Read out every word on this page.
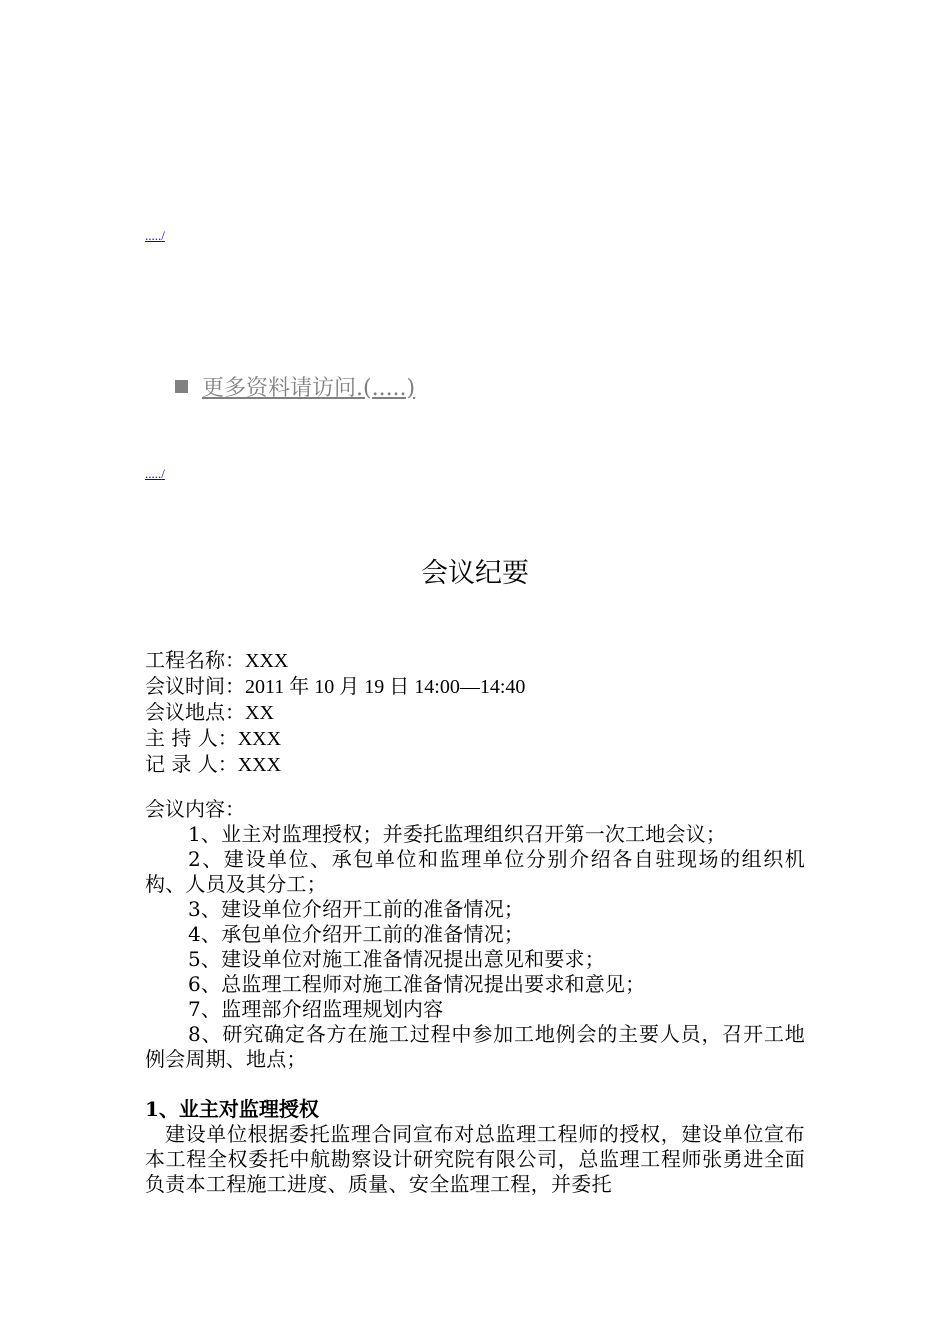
...../
更多资料请访问.(.....)
...../
会议纪要
工程名称：XXX
会议时间：2011 年 10 月 19 日 14:00—14:40
会议地点：XX
主 持 人：XXX
记 录 人：XXX
会议内容：
1、业主对监理授权；并委托监理组织召开第一次工地会议；
2、建设单位、承包单位和监理单位分别介绍各自驻现场的组织机构、人员及其分工；
3、建设单位介绍开工前的准备情况；
4、承包单位介绍开工前的准备情况；
5、建设单位对施工准备情况提出意见和要求；
6、总监理工程师对施工准备情况提出要求和意见；
7、监理部介绍监理规划内容
8、研究确定各方在施工过程中参加工地例会的主要人员，召开工地例会周期、地点；
1、业主对监理授权
建设单位根据委托监理合同宣布对总监理工程师的授权，建设单位宣布本工程全权委托中航勘察设计研究院有限公司，总监理工程师张勇进全面负责本工程施工进度、质量、安全监理工程，并委托
